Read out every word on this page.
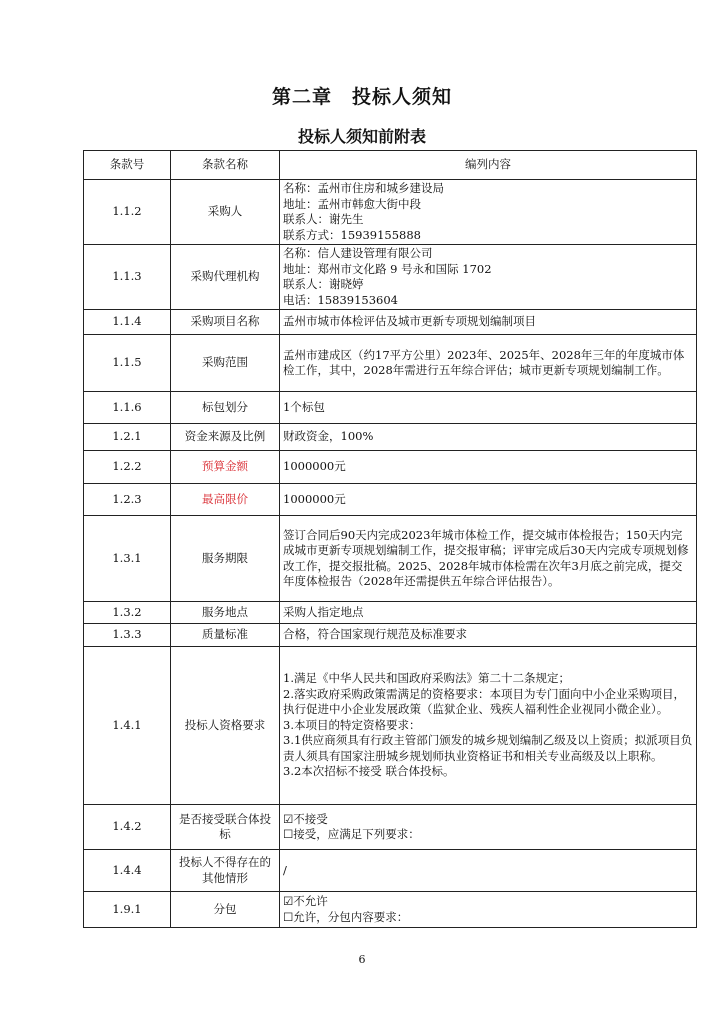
第二章　投标人须知
投标人须知前附表
条款号	条款名称	编列内容
1.1.2	采购人	名称：孟州市住房和城乡建设局
地址：孟州市韩愈大街中段
联系人：谢先生
联系方式：15939155888

1.1.3	采购代理机构	名称：信人建设管理有限公司
地址：郑州市文化路 9 号永和国际 1702
联系人：谢晓婷
电话：15839153604

1.1.4	采购项目名称	孟州市城市体检评估及城市更新专项规划编制项目

1.1.5	采购范围	孟州市建成区（约17平方公里）2023年、2025年、2028年三年的年度城市体检工作，其中，2028年需进行五年综合评估；城市更新专项规划编制工作。

1.1.6	标包划分	1个标包

1.2.1	资金来源及比例	财政资金，100%

1.2.2	预算金额	1000000元

1.2.3	最高限价	1000000元

1.3.1	服务期限	签订合同后90天内完成2023年城市体检工作，提交城市体检报告；150天内完成城市更新专项规划编制工作，提交报审稿；评审完成后30天内完成专项规划修改工作，提交报批稿。2025、2028年城市体检需在次年3月底之前完成，提交年度体检报告（2028年还需提供五年综合评估报告）。

1.3.2	服务地点	采购人指定地点

1.3.3	质量标准	合格，符合国家现行规范及标准要求

1.4.1	投标人资格要求	1.满足《中华人民共和国政府采购法》第二十二条规定；
2.落实政府采购政策需满足的资格要求：本项目为专门面向中小企业采购项目，执行促进中小企业发展政策（监狱企业、残疾人福利性企业视同小微企业）。
3.本项目的特定资格要求：
3.1供应商须具有行政主管部门颁发的城乡规划编制乙级及以上资质；拟派项目负责人须具有国家注册城乡规划师执业资格证书和相关专业高级及以上职称。
3.2本次招标不接受 联合体投标。

1.4.2	是否接受联合体投标	☑不接受
☐接受，应满足下列要求：

1.4.4	投标人不得存在的其他情形	/

1.9.1	分包	☑不允许
☐允许，分包内容要求：
6
